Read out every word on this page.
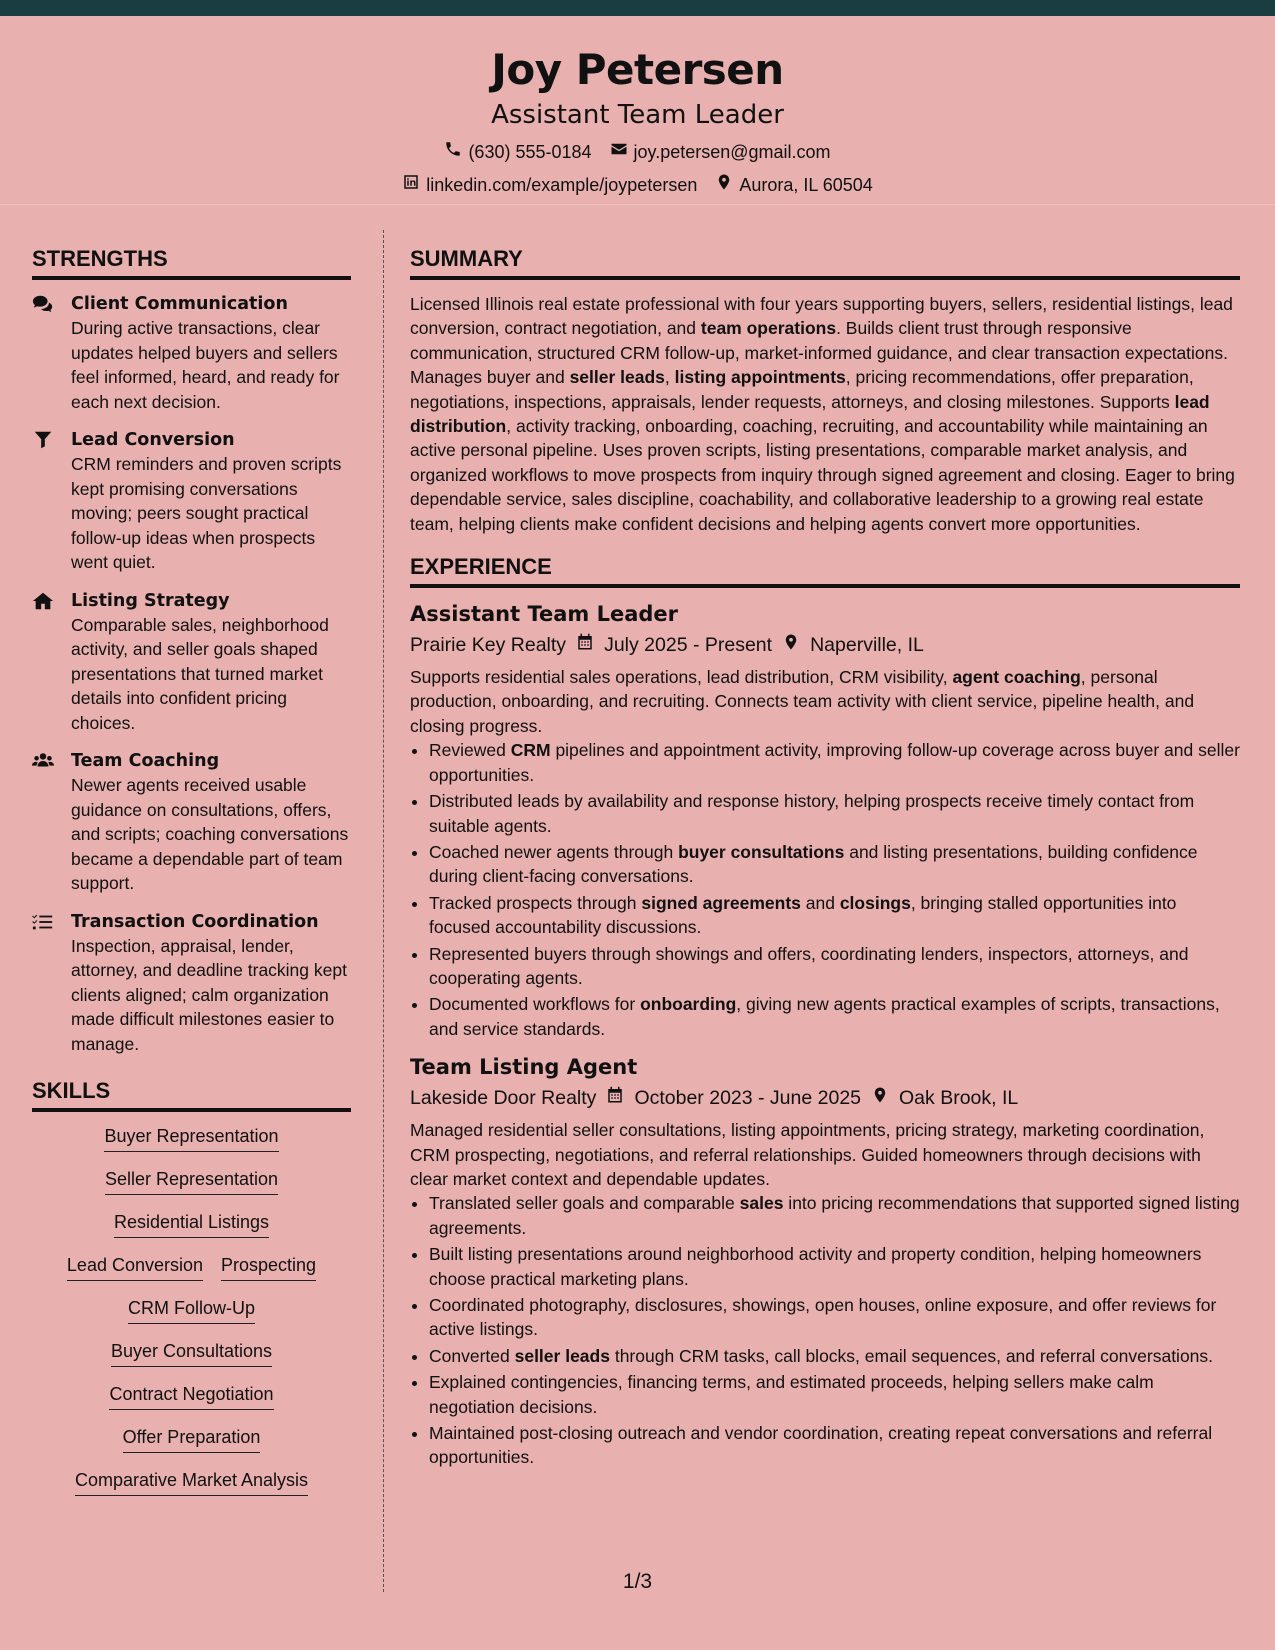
Joy Petersen
Assistant Team Leader
(630) 555-0184 joy.petersen@gmail.com
linkedin.com/example/joypetersen Aurora, IL 60504
STRENGTHS
Client Communication
During active transactions, clear updates helped buyers and sellers feel informed, heard, and ready for each next decision.
Lead Conversion
CRM reminders and proven scripts kept promising conversations moving; peers sought practical follow-up ideas when prospects went quiet.
Listing Strategy
Comparable sales, neighborhood activity, and seller goals shaped presentations that turned market details into confident pricing choices.
Team Coaching
Newer agents received usable guidance on consultations, offers, and scripts; coaching conversations became a dependable part of team support.
Transaction Coordination
Inspection, appraisal, lender, attorney, and deadline tracking kept clients aligned; calm organization made difficult milestones easier to manage.
SKILLS
Buyer Representation
Seller Representation
Residential Listings
Lead Conversion Prospecting
CRM Follow-Up
Buyer Consultations
Contract Negotiation
Offer Preparation
Comparative Market Analysis
SUMMARY
Licensed Illinois real estate professional with four years supporting buyers, sellers, residential listings, lead conversion, contract negotiation, and team operations. Builds client trust through responsive communication, structured CRM follow-up, market-informed guidance, and clear transaction expectations. Manages buyer and seller leads, listing appointments, pricing recommendations, offer preparation, negotiations, inspections, appraisals, lender requests, attorneys, and closing milestones. Supports lead distribution, activity tracking, onboarding, coaching, recruiting, and accountability while maintaining an active personal pipeline. Uses proven scripts, listing presentations, comparable market analysis, and organized workflows to move prospects from inquiry through signed agreement and closing. Eager to bring dependable service, sales discipline, coachability, and collaborative leadership to a growing real estate team, helping clients make confident decisions and helping agents convert more opportunities.
EXPERIENCE
Assistant Team Leader
Prairie Key Realty July 2025 - Present Naperville, IL
Supports residential sales operations, lead distribution, CRM visibility, agent coaching, personal production, onboarding, and recruiting. Connects team activity with client service, pipeline health, and closing progress.
• Reviewed CRM pipelines and appointment activity, improving follow-up coverage across buyer and seller opportunities.
• Distributed leads by availability and response history, helping prospects receive timely contact from suitable agents.
• Coached newer agents through buyer consultations and listing presentations, building confidence during client-facing conversations.
• Tracked prospects through signed agreements and closings, bringing stalled opportunities into focused accountability discussions.
• Represented buyers through showings and offers, coordinating lenders, inspectors, attorneys, and cooperating agents.
• Documented workflows for onboarding, giving new agents practical examples of scripts, transactions, and service standards.
Team Listing Agent
Lakeside Door Realty October 2023 - June 2025 Oak Brook, IL
Managed residential seller consultations, listing appointments, pricing strategy, marketing coordination, CRM prospecting, negotiations, and referral relationships. Guided homeowners through decisions with clear market context and dependable updates.
• Translated seller goals and comparable sales into pricing recommendations that supported signed listing agreements.
• Built listing presentations around neighborhood activity and property condition, helping homeowners choose practical marketing plans.
• Coordinated photography, disclosures, showings, open houses, online exposure, and offer reviews for active listings.
• Converted seller leads through CRM tasks, call blocks, email sequences, and referral conversations.
• Explained contingencies, financing terms, and estimated proceeds, helping sellers make calm negotiation decisions.
• Maintained post-closing outreach and vendor coordination, creating repeat conversations and referral opportunities.
1/3
